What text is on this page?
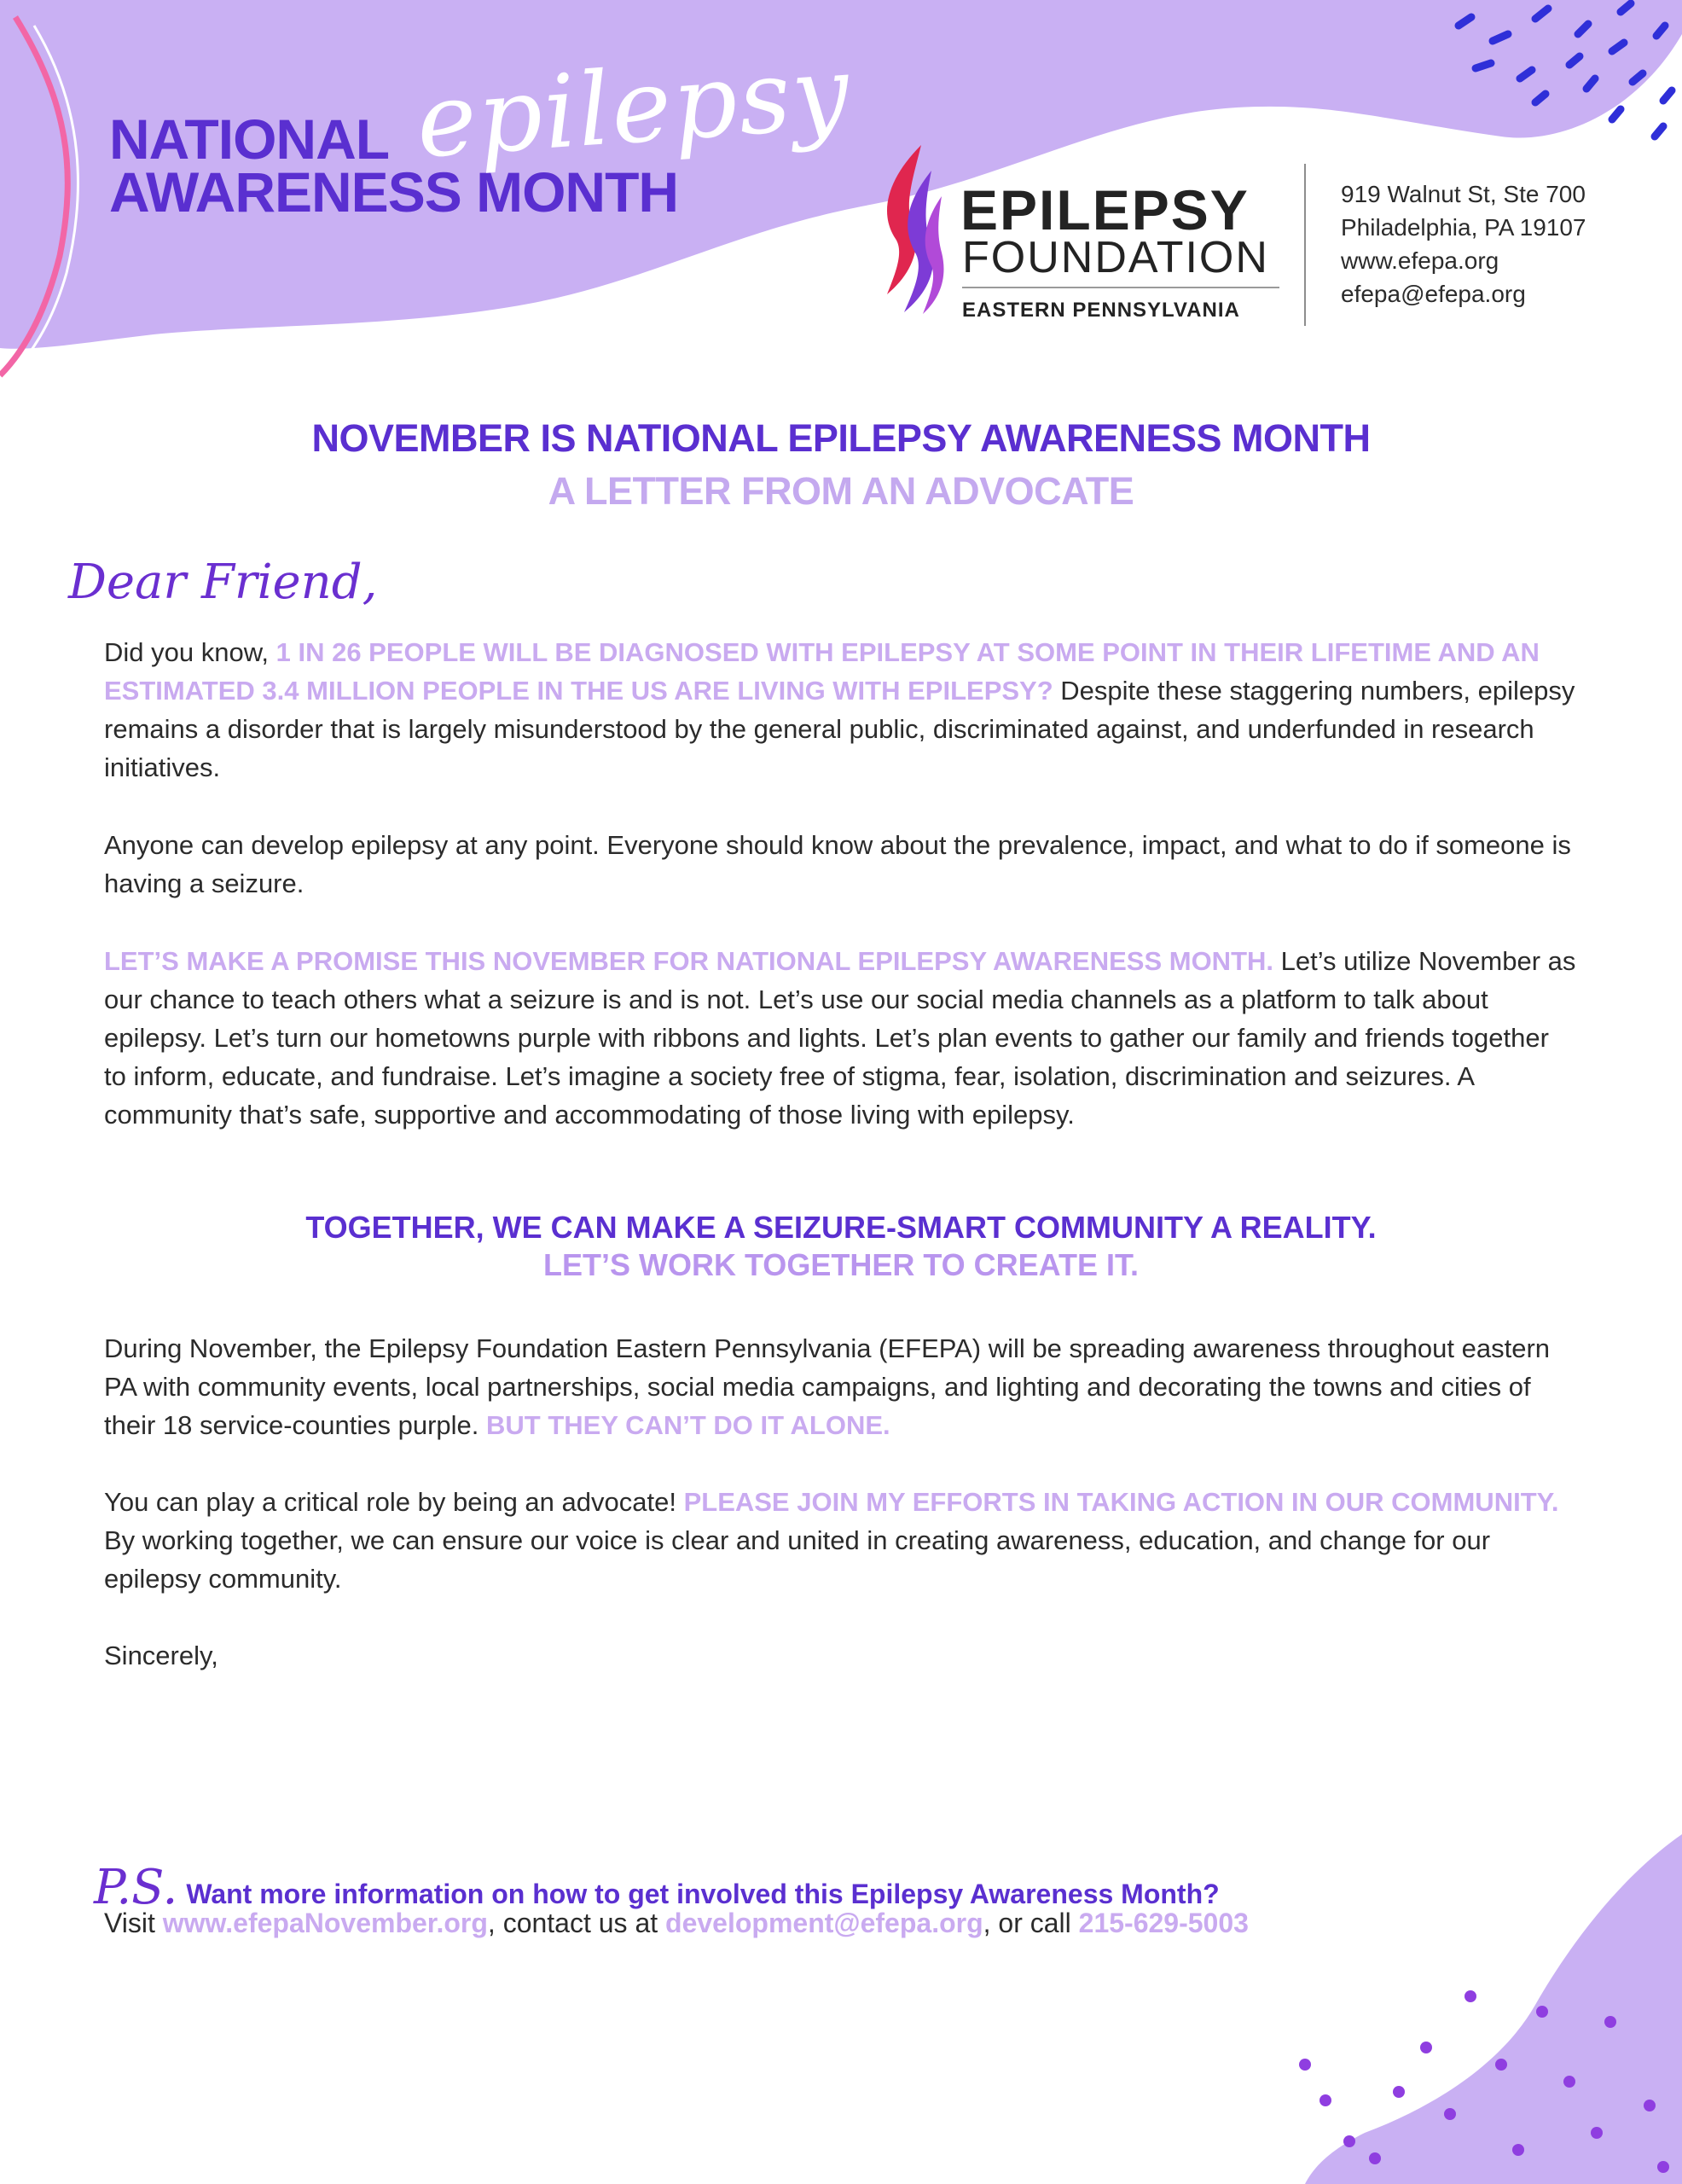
NATIONAL
AWARENESS MONTH
epilepsy
EPILEPSY
FOUNDATION
EASTERN PENNSYLVANIA
919 Walnut St, Ste 700
Philadelphia, PA 19107
www.efepa.org
efepa@efepa.org
NOVEMBER IS NATIONAL EPILEPSY AWARENESS MONTH
A LETTER FROM AN ADVOCATE
Dear Friend,
Did you know, 1 IN 26 PEOPLE WILL BE DIAGNOSED WITH EPILEPSY AT SOME POINT IN THEIR LIFETIME AND AN ESTIMATED 3.4 MILLION PEOPLE IN THE US ARE LIVING WITH EPILEPSY? Despite these staggering numbers, epilepsy remains a disorder that is largely misunderstood by the general public, discriminated against, and underfunded in research initiatives.
Anyone can develop epilepsy at any point. Everyone should know about the prevalence, impact, and what to do if someone is having a seizure.
LET’S MAKE A PROMISE THIS NOVEMBER FOR NATIONAL EPILEPSY AWARENESS MONTH. Let’s utilize November as our chance to teach others what a seizure is and is not. Let’s use our social media channels as a platform to talk about epilepsy. Let’s turn our hometowns purple with ribbons and lights. Let’s plan events to gather our family and friends together to inform, educate, and fundraise. Let’s imagine a society free of stigma, fear, isolation, discrimination and seizures. A community that’s safe, supportive and accommodating of those living with epilepsy.
TOGETHER, WE CAN MAKE A SEIZURE-SMART COMMUNITY A REALITY.
LET’S WORK TOGETHER TO CREATE IT.
During November, the Epilepsy Foundation Eastern Pennsylvania (EFEPA) will be spreading awareness throughout eastern PA with community events, local partnerships, social media campaigns, and lighting and decorating the towns and cities of their 18 service-counties purple. BUT THEY CAN’T DO IT ALONE.
You can play a critical role by being an advocate! PLEASE JOIN MY EFFORTS IN TAKING ACTION IN OUR COMMUNITY. By working together, we can ensure our voice is clear and united in creating awareness, education, and change for our epilepsy community.
Sincerely,
P.S. Want more information on how to get involved this Epilepsy Awareness Month?
Visit www.efepaNovember.org, contact us at development@efepa.org, or call 215-629-5003
